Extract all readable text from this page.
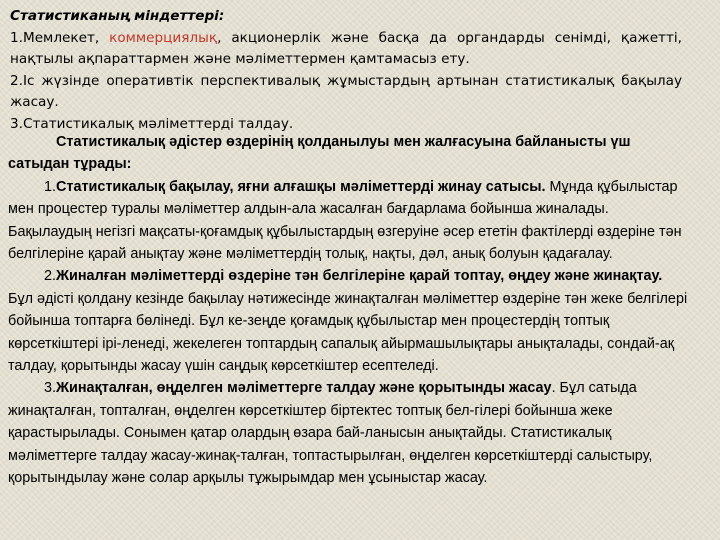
Статистиканың міндеттері:

1.Мемлекет, коммерциялық, акционерлік және басқа да органдарды сенімді, қажетті, нақтылы ақпараттармен және мәліметтермен қамтамасыз ету.

2.Іс жүзінде оперативтік перспективалық жұмыстардың артынан статистикалық бақылау жасау.

3.Статистикалық мәліметтерді талдау.

Статистикалық әдістер өздерінің қолданылуы мен жалғасуына байланысты үш сатыдан тұрады:

1.Статистикалық бақылау, яғни алғашқы мәліметтерді жинау сатысы. Мұнда құбылыстар мен процестер туралы мәліметтер алдын-ала жасалған бағдарлама бойынша жиналады. Бақылаудың негізгі мақсаты-қоғамдық құбылыстардың өзгеруіне әсер ететін фактілерді өздеріне тән белгілеріне қарай анықтау және мәліметтердің толық, нақты, дәл, анық болуын қадағалау.

2.Жиналған мәліметтерді өздеріне тән белгілеріне қарай топтау, өңдеу және жинақтау. Бұл әдісті қолдану кезінде бақылау нәтижесінде жинақталған мәліметтер өздеріне тән жеке белгілері бойынша топтарға бөлінеді. Бұл ке-зеңде қоғамдық құбылыстар мен процестердің топтық көрсеткіштері ірі-ленеді, жекелеген топтардың сапалық айырмашылықтары анықталады, сондай-ақ талдау, қорытынды жасау үшін саңдық көрсеткіштер есептеледі.

3.Жинақталған, өңделген мәліметтерге талдау және қорытынды жасау. Бұл сатыда жинақталған, топталған, өңделген көрсеткіштер біртектес топтық бел-гілері бойынша жеке қарастырылады. Сонымен қатар олардың өзара бай-ланысын анықтайды. Статистикалық мәліметтерге талдау жасау-жинақ-талған, топтастырылған, өңделген көрсеткіштерді салыстыру, қорытындылау және солар арқылы тұжырымдар мен ұсыныстар жасау.
